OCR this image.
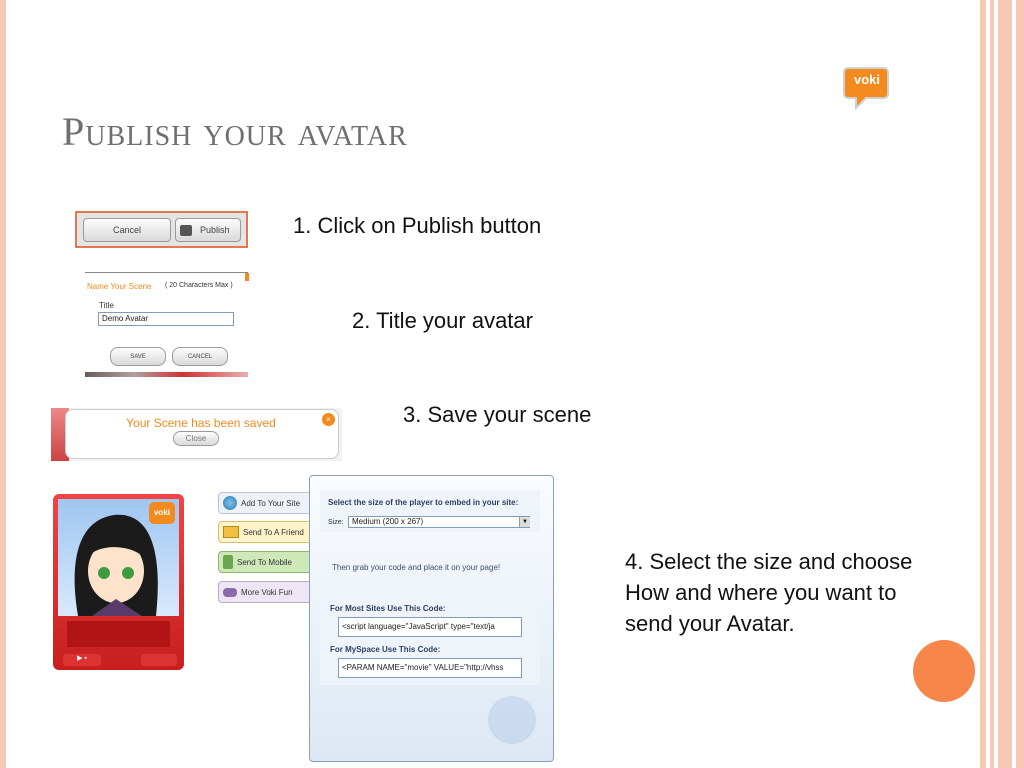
voki
Publish your avatar
1. Click on Publish button
2. Title your avatar
3. Save your scene
4. Select the size and choose
How and where you want to
send your Avatar.
Cancel	Publish
Name Your Scene ( 20 Characters Max )
Title
Demo Avatar
SAVE	CANCEL
Your Scene has been saved
Close
×
voki
▶ ▪
Add To Your Site
Send To A Friend
Send To Mobile
More Voki Fun
Select the size of the player to embed in your site:
Size:	Medium (200 x 267)	▼
Then grab your code and place it on your page!
For Most Sites Use This Code:
<script language="JavaScript" type="text/ja
For MySpace Use This Code:
<PARAM NAME="movie" VALUE="http://vhss
